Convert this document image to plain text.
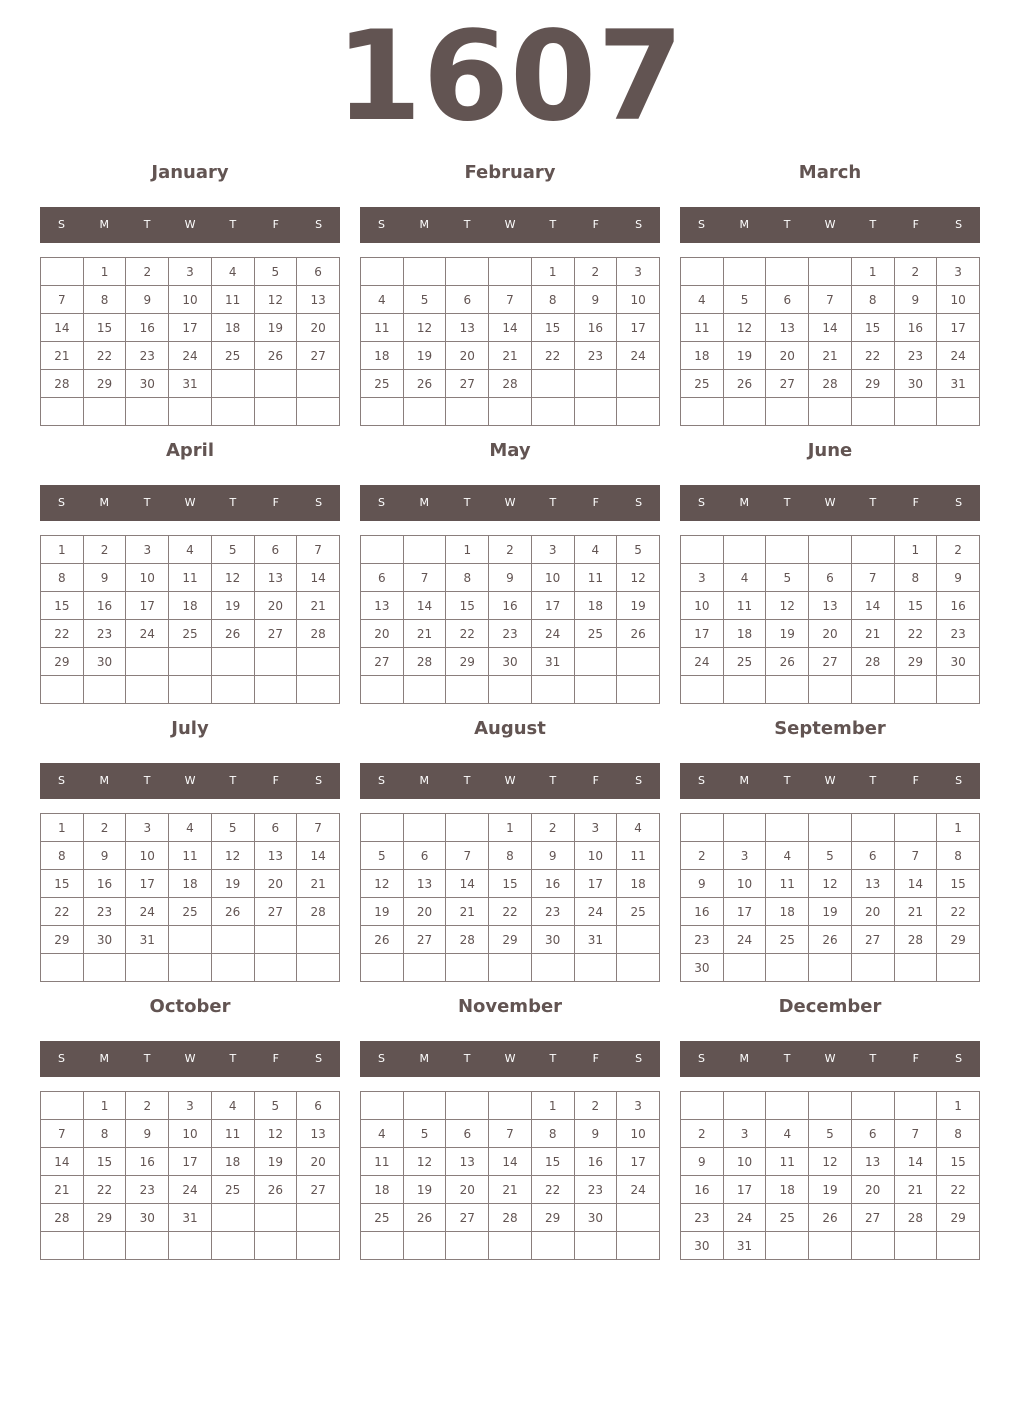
1607
January
S	M	T	W	T	F	S
	1	2	3	4	5	6
7	8	9	10	11	12	13
14	15	16	17	18	19	20
21	22	23	24	25	26	27
28	29	30	31			

February
S	M	T	W	T	F	S
				1	2	3
4	5	6	7	8	9	10
11	12	13	14	15	16	17
18	19	20	21	22	23	24
25	26	27	28			

March
S	M	T	W	T	F	S
				1	2	3
4	5	6	7	8	9	10
11	12	13	14	15	16	17
18	19	20	21	22	23	24
25	26	27	28	29	30	31

April
S	M	T	W	T	F	S
1	2	3	4	5	6	7
8	9	10	11	12	13	14
15	16	17	18	19	20	21
22	23	24	25	26	27	28
29	30					

May
S	M	T	W	T	F	S
		1	2	3	4	5
6	7	8	9	10	11	12
13	14	15	16	17	18	19
20	21	22	23	24	25	26
27	28	29	30	31		

June
S	M	T	W	T	F	S
					1	2
3	4	5	6	7	8	9
10	11	12	13	14	15	16
17	18	19	20	21	22	23
24	25	26	27	28	29	30

July
S	M	T	W	T	F	S
1	2	3	4	5	6	7
8	9	10	11	12	13	14
15	16	17	18	19	20	21
22	23	24	25	26	27	28
29	30	31				

August
S	M	T	W	T	F	S
			1	2	3	4
5	6	7	8	9	10	11
12	13	14	15	16	17	18
19	20	21	22	23	24	25
26	27	28	29	30	31	

September
S	M	T	W	T	F	S
						1
2	3	4	5	6	7	8
9	10	11	12	13	14	15
16	17	18	19	20	21	22
23	24	25	26	27	28	29
30						
October
S	M	T	W	T	F	S
	1	2	3	4	5	6
7	8	9	10	11	12	13
14	15	16	17	18	19	20
21	22	23	24	25	26	27
28	29	30	31			

November
S	M	T	W	T	F	S
				1	2	3
4	5	6	7	8	9	10
11	12	13	14	15	16	17
18	19	20	21	22	23	24
25	26	27	28	29	30	

December
S	M	T	W	T	F	S
						1
2	3	4	5	6	7	8
9	10	11	12	13	14	15
16	17	18	19	20	21	22
23	24	25	26	27	28	29
30	31					
